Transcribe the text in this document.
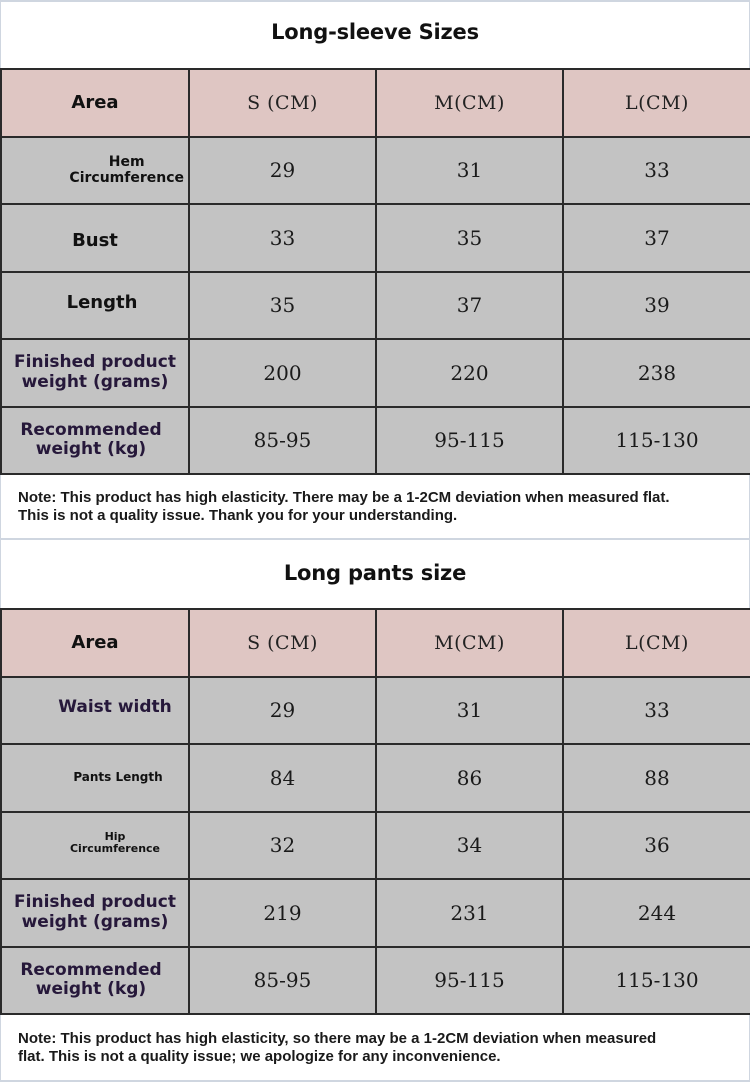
Long-sleeve Sizes
Area	S (CM)	M(CM)	L(CM)
Hem
Circumference	29	31	33
Bust	33	35	37
Length	35	37	39
Finished product
weight (grams)	200	220	238
Recommended
weight (kg)	85-95	95-115	115-130
Note: This product has high elasticity. There may be a 1-2CM deviation when measured flat.
This is not a quality issue. Thank you for your understanding.
Long pants size
Area	S (CM)	M(CM)	L(CM)
Waist width	29	31	33
Pants Length	84	86	88
Hip
Circumference	32	34	36
Finished product
weight (grams)	219	231	244
Recommended
weight (kg)	85-95	95-115	115-130
Note: This product has high elasticity, so there may be a 1-2CM deviation when measured
flat. This is not a quality issue; we apologize for any inconvenience.
